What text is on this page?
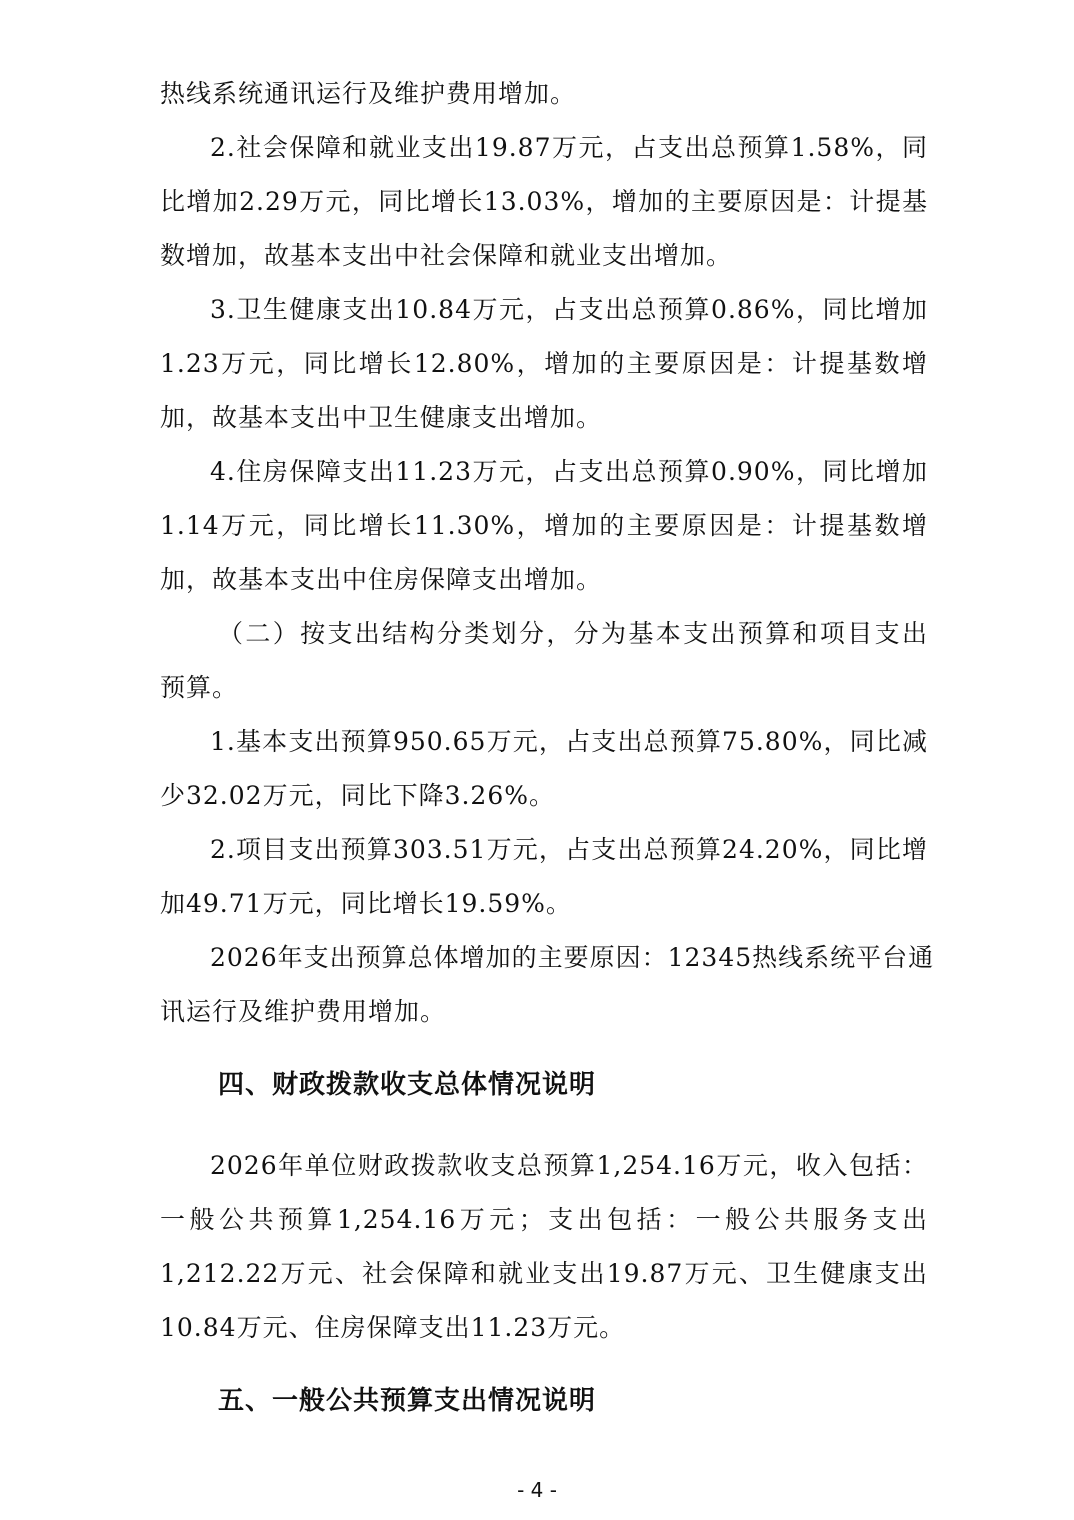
热线系统通讯运行及维护费用增加。
2.社会保障和就业支出19.87万元，占支出总预算1.58%，同
比增加2.29万元，同比增长13.03%，增加的主要原因是：计提基
数增加，故基本支出中社会保障和就业支出增加。
3.卫生健康支出10.84万元，占支出总预算0.86%，同比增加
1.23万元，同比增长12.80%，增加的主要原因是：计提基数增
加，故基本支出中卫生健康支出增加。
4.住房保障支出11.23万元，占支出总预算0.90%，同比增加
1.14万元，同比增长11.30%，增加的主要原因是：计提基数增
加，故基本支出中住房保障支出增加。
（二）按支出结构分类划分，分为基本支出预算和项目支出
预算。
1.基本支出预算950.65万元，占支出总预算75.80%，同比减
少32.02万元，同比下降3.26%。
2.项目支出预算303.51万元，占支出总预算24.20%，同比增
加49.71万元，同比增长19.59%。
2026年支出预算总体增加的主要原因：12345热线系统平台通
讯运行及维护费用增加。
四、财政拨款收支总体情况说明
2026年单位财政拨款收支总预算1,254.16万元，收入包括：
一般公共预算1,254.16万元；支出包括：一般公共服务支出
1,212.22万元、社会保障和就业支出19.87万元、卫生健康支出
10.84万元、住房保障支出11.23万元。
五、一般公共预算支出情况说明
- 4 -
